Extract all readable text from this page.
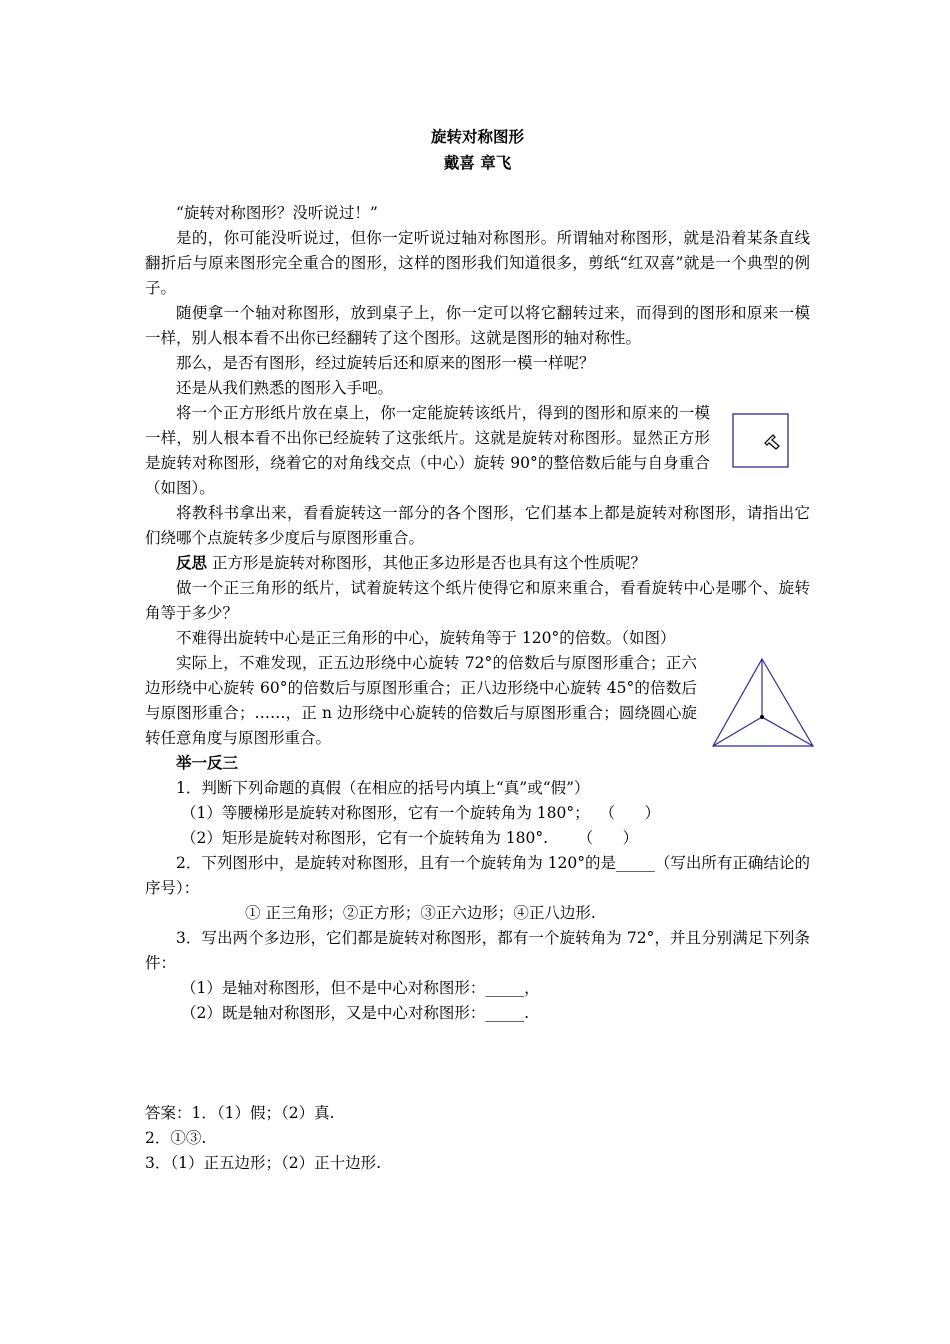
旋转对称图形
戴喜 章飞

“旋转对称图形？没听说过！”

是的，你可能没听说过，但你一定听说过轴对称图形。所谓轴对称图形，就是沿着某条直线翻折后与原来图形完全重合的图形，这样的图形我们知道很多，剪纸“红双喜”就是一个典型的例子。

随便拿一个轴对称图形，放到桌子上，你一定可以将它翻转过来，而得到的图形和原来一模一样，别人根本看不出你已经翻转了这个图形。这就是图形的轴对称性。

那么，是否有图形，经过旋转后还和原来的图形一模一样呢？

还是从我们熟悉的图形入手吧。

将一个正方形纸片放在桌上，你一定能旋转该纸片，得到的图形和原来的一模一样，别人根本看不出你已经旋转了这张纸片。这就是旋转对称图形。显然正方形是旋转对称图形，绕着它的对角线交点（中心）旋转 90°的整倍数后能与自身重合（如图）。

将教科书拿出来，看看旋转这一部分的各个图形，它们基本上都是旋转对称图形，请指出它们绕哪个点旋转多少度后与原图形重合。

反思 正方形是旋转对称图形，其他正多边形是否也具有这个性质呢？

做一个正三角形的纸片，试着旋转这个纸片使得它和原来重合，看看旋转中心是哪个、旋转角等于多少？

不难得出旋转中心是正三角形的中心，旋转角等于 120°的倍数。（如图）

实际上，不难发现，正五边形绕中心旋转 72°的倍数后与原图形重合；正六边形绕中心旋转 60°的倍数后与原图形重合；正八边形绕中心旋转 45°的倍数后与原图形重合；……，正 n 边形绕中心旋转的倍数后与原图形重合；圆绕圆心旋转任意角度与原图形重合。

举一反三

1．判断下列命题的真假（在相应的括号内填上“真”或“假”）

（1）等腰梯形是旋转对称图形，它有一个旋转角为 180°；  （      ）

（2）矩形是旋转对称图形，它有一个旋转角为 180°.      （      ）

2．下列图形中，是旋转对称图形，且有一个旋转角为 120°的是_____（写出所有正确结论的序号）：

① 正三角形；②正方形；③正六边形；④正八边形.

3．写出两个多边形，它们都是旋转对称图形，都有一个旋转角为 72°，并且分别满足下列条件：

（1）是轴对称图形，但不是中心对称图形：_____，

（2）既是轴对称图形，又是中心对称图形：_____.

答案：1．（1）假；（2）真.

2．①③.

3．（1）正五边形；（2）正十边形.
